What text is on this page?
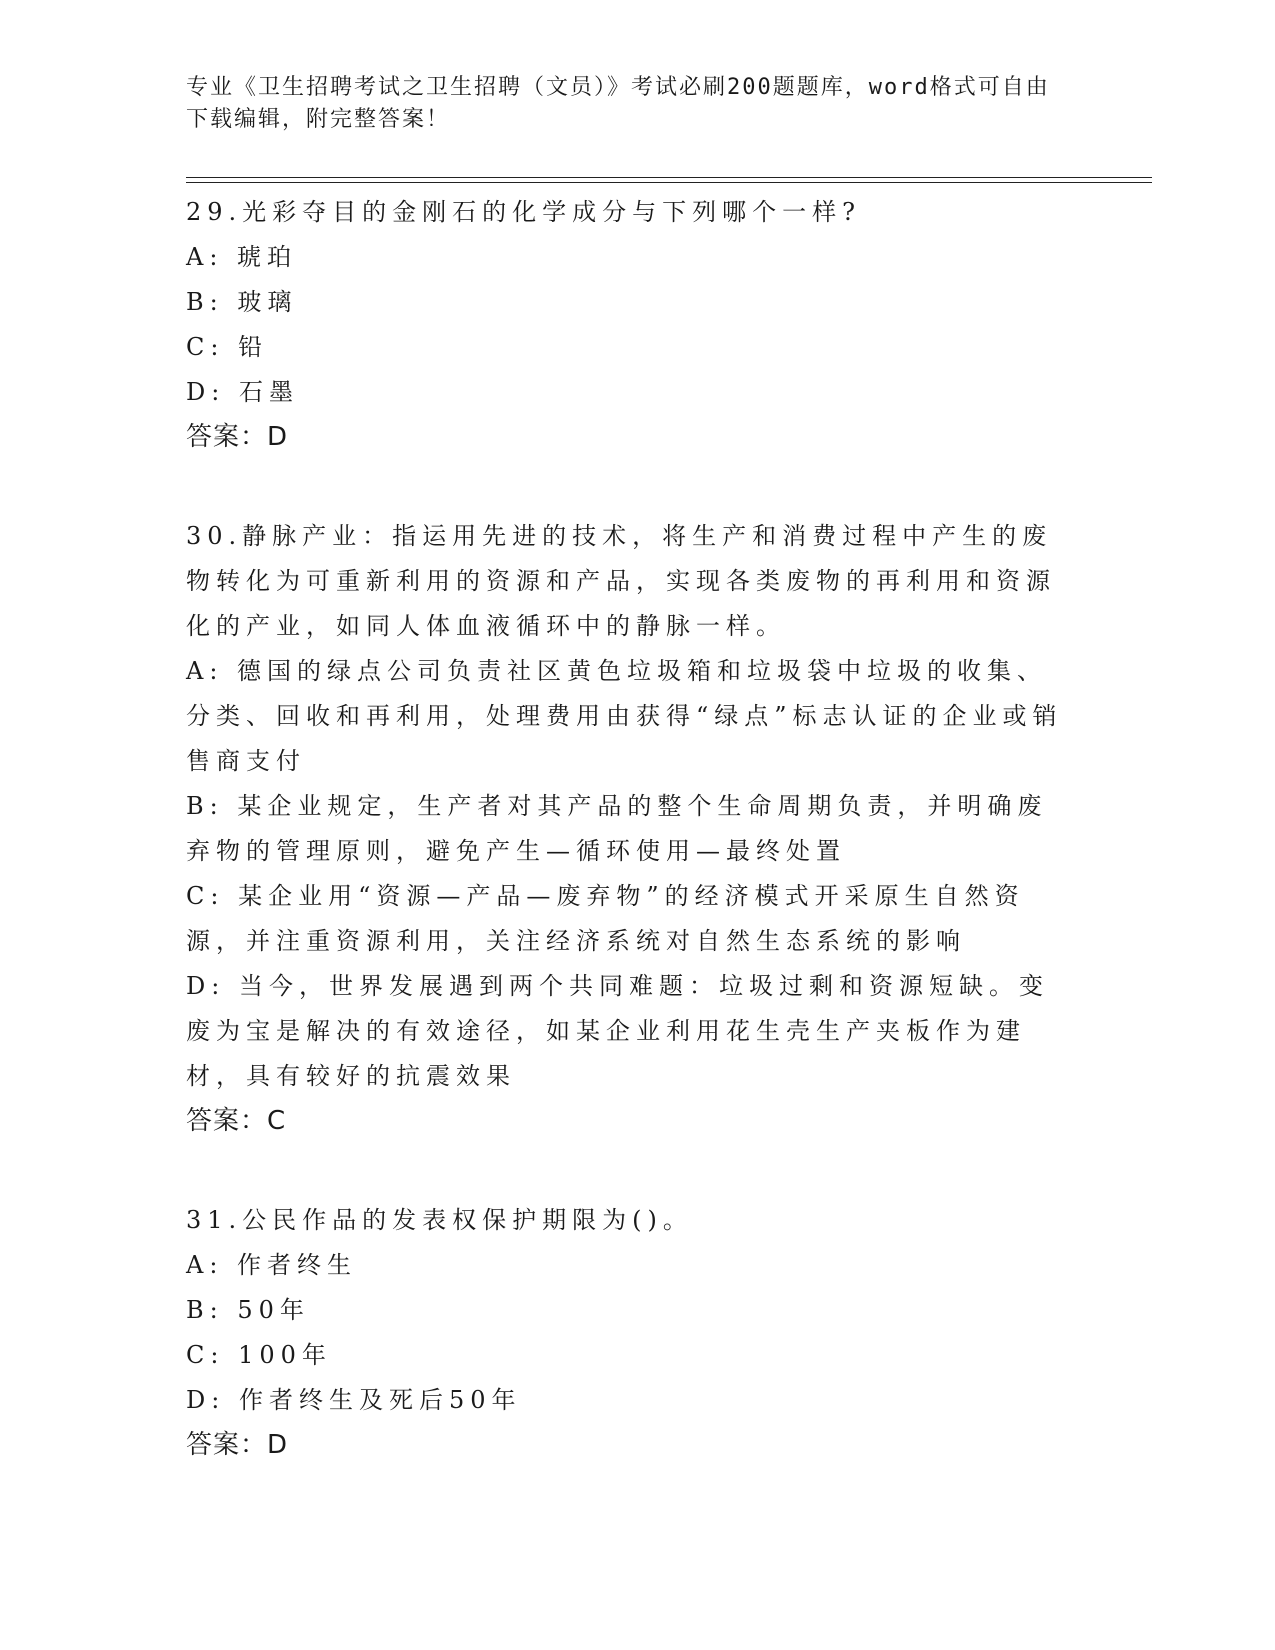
专业《卫生招聘考试之卫生招聘（文员）》考试必刷200题题库，word格式可自由下载编辑，附完整答案！

29.光彩夺目的金刚石的化学成分与下列哪个一样?

A: 琥珀

B: 玻璃

C: 铅

D: 石墨

答案：D

30.静脉产业：指运用先进的技术，将生产和消费过程中产生的废物转化为可重新利用的资源和产品，实现各类废物的再利用和资源化的产业，如同人体血液循环中的静脉一样。

A: 德国的绿点公司负责社区黄色垃圾箱和垃圾袋中垃圾的收集、分类、回收和再利用，处理费用由获得“绿点”标志认证的企业或销售商支付

B: 某企业规定，生产者对其产品的整个生命周期负责，并明确废弃物的管理原则，避免产生—循环使用—最终处置

C: 某企业用“资源—产品—废弃物”的经济模式开采原生自然资源，并注重资源利用，关注经济系统对自然生态系统的影响

D: 当今，世界发展遇到两个共同难题：垃圾过剩和资源短缺。变废为宝是解决的有效途径，如某企业利用花生壳生产夹板作为建材，具有较好的抗震效果

答案：C

31.公民作品的发表权保护期限为()。

A: 作者终生

B: 50年

C: 100年

D: 作者终生及死后50年

答案：D
